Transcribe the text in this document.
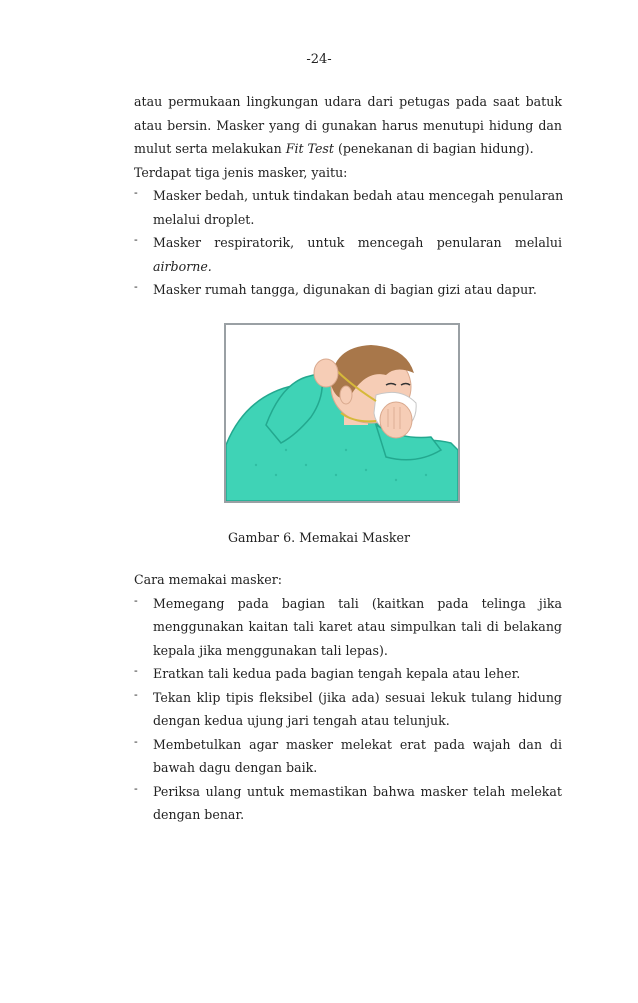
-24-
atau permukaan lingkungan udara dari petugas pada saat batuk
atau bersin. Masker yang di gunakan harus menutupi hidung dan
mulut serta melakukan Fit Test (penekanan di bagian hidung).
Terdapat tiga jenis masker, yaitu:
- Masker bedah, untuk tindakan bedah atau mencegah penularan
melalui droplet.
- Masker respiratorik, untuk mencegah penularan melalui
airborne.
- Masker rumah tangga, digunakan di bagian gizi atau dapur.
Gambar 6. Memakai Masker
Cara memakai masker:
- Memegang pada bagian tali (kaitkan pada telinga jika
menggunakan kaitan tali karet atau simpulkan tali di belakang
kepala jika menggunakan tali lepas).
- Eratkan tali kedua pada bagian tengah kepala atau leher.
- Tekan klip tipis fleksibel (jika ada) sesuai lekuk tulang hidung
dengan kedua ujung jari tengah atau telunjuk.
- Membetulkan agar masker melekat erat pada wajah dan di
bawah dagu dengan baik.
- Periksa ulang untuk memastikan bahwa masker telah melekat
dengan benar.
